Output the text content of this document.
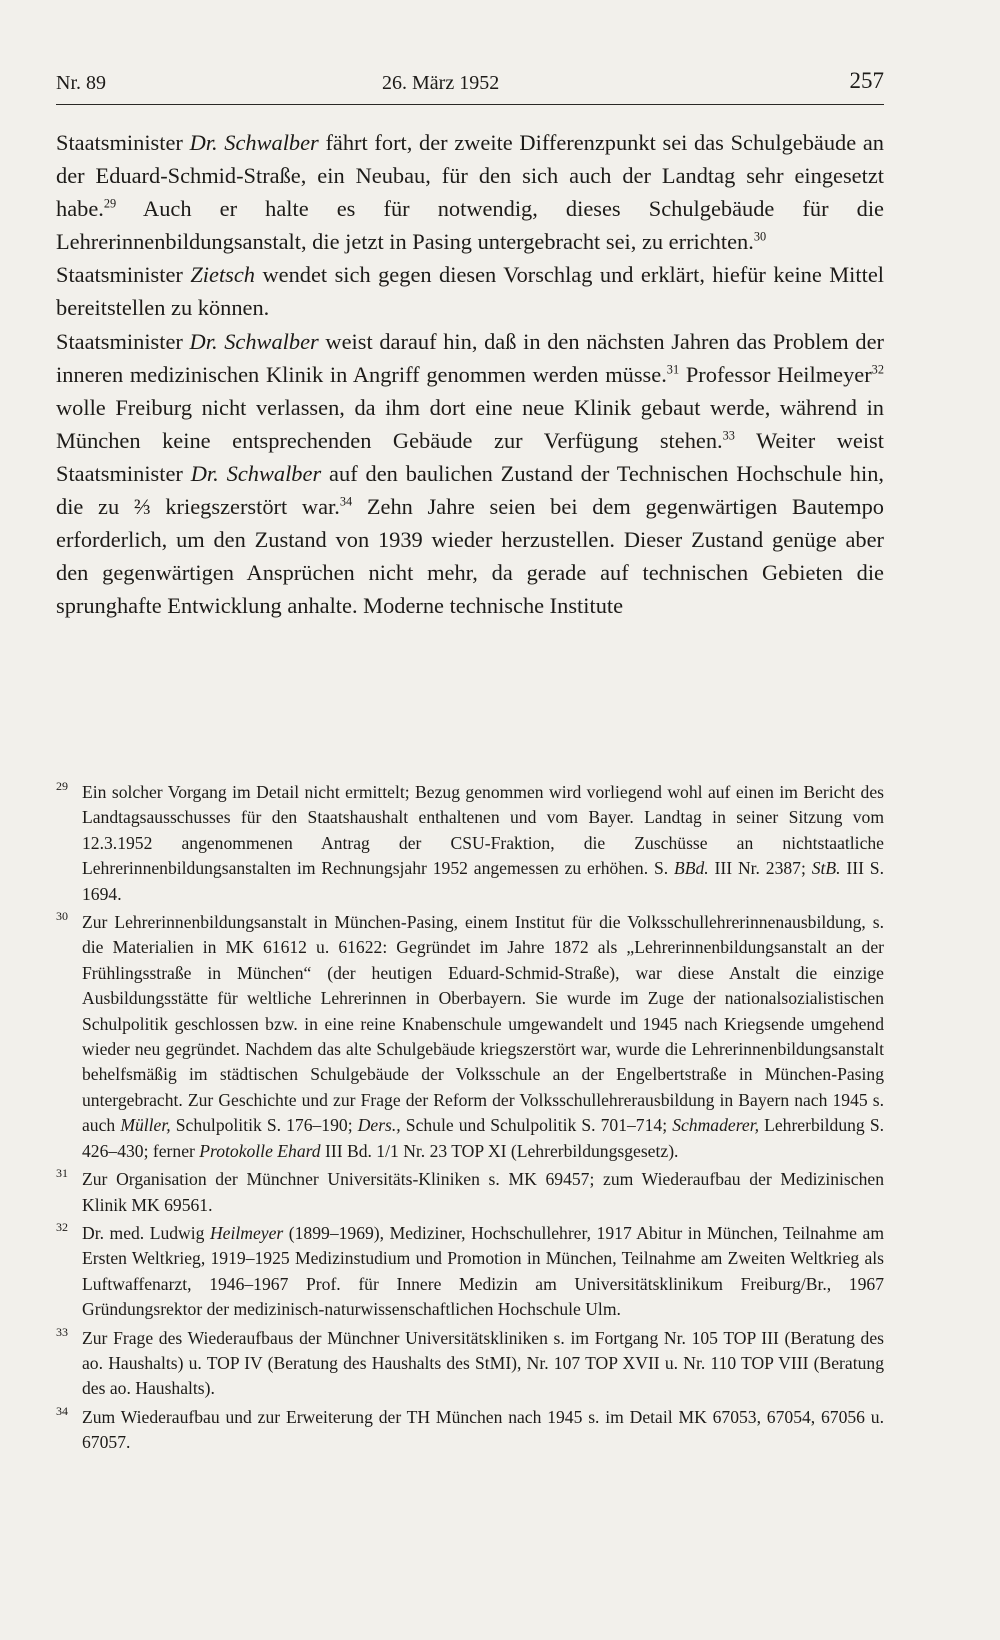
Nr. 89	26. März 1952	257

Staatsminister Dr. Schwalber fährt fort, der zweite Differenzpunkt sei das Schulgebäude an der Eduard-Schmid-Straße, ein Neubau, für den sich auch der Landtag sehr eingesetzt habe.$^{29}$ Auch er halte es für notwendig, dieses Schulgebäude für die Lehrerinnenbildungsanstalt, die jetzt in Pasing untergebracht sei, zu errichten.$^{30}$

Staatsminister Zietsch wendet sich gegen diesen Vorschlag und erklärt, hiefür keine Mittel bereitstellen zu können.

Staatsminister Dr. Schwalber weist darauf hin, daß in den nächsten Jahren das Problem der inneren medizinischen Klinik in Angriff genommen werden müsse.$^{31}$ Professor Heilmeyer$^{32}$ wolle Freiburg nicht verlassen, da ihm dort eine neue Klinik gebaut werde, während in München keine entsprechenden Gebäude zur Verfügung stehen.$^{33}$ Weiter weist Staatsminister Dr. Schwalber auf den baulichen Zustand der Technischen Hochschule hin, die zu ⅔ kriegszerstört war.$^{34}$ Zehn Jahre seien bei dem gegenwärtigen Bautempo erforderlich, um den Zustand von 1939 wieder herzustellen. Dieser Zustand genüge aber den gegenwärtigen Ansprüchen nicht mehr, da gerade auf technischen Gebieten die sprunghafte Entwicklung anhalte. Moderne technische Institute

29 Ein solcher Vorgang im Detail nicht ermittelt; Bezug genommen wird vorliegend wohl auf einen im Bericht des Landtagsausschusses für den Staatshaushalt enthaltenen und vom Bayer. Landtag in seiner Sitzung vom 12.3.1952 angenommenen Antrag der CSU-Fraktion, die Zuschüsse an nichtstaatliche Lehrerinnenbildungsanstalten im Rechnungsjahr 1952 angemessen zu erhöhen. S. BBd. III Nr. 2387; StB. III S. 1694.

30 Zur Lehrerinnenbildungsanstalt in München-Pasing, einem Institut für die Volksschullehrerinnenausbildung, s. die Materialien in MK 61612 u. 61622: Gegründet im Jahre 1872 als „Lehrerinnenbildungsanstalt an der Frühlingsstraße in München“ (der heutigen Eduard-Schmid-Straße), war diese Anstalt die einzige Ausbildungsstätte für weltliche Lehrerinnen in Oberbayern. Sie wurde im Zuge der nationalsozialistischen Schulpolitik geschlossen bzw. in eine reine Knabenschule umgewandelt und 1945 nach Kriegsende umgehend wieder neu gegründet. Nachdem das alte Schulgebäude kriegszerstört war, wurde die Lehrerinnenbildungsanstalt behelfsmäßig im städtischen Schulgebäude der Volksschule an der Engelbertstraße in München-Pasing untergebracht. Zur Geschichte und zur Frage der Reform der Volksschullehrerausbildung in Bayern nach 1945 s. auch Müller, Schulpolitik S. 176–190; Ders., Schule und Schulpolitik S. 701–714; Schmaderer, Lehrerbildung S. 426–430; ferner Protokolle Ehard III Bd. 1/1 Nr. 23 TOP XI (Lehrerbildungsgesetz).

31 Zur Organisation der Münchner Universitäts-Kliniken s. MK 69457; zum Wiederaufbau der Medizinischen Klinik MK 69561.

32 Dr. med. Ludwig Heilmeyer (1899–1969), Mediziner, Hochschullehrer, 1917 Abitur in München, Teilnahme am Ersten Weltkrieg, 1919–1925 Medizinstudium und Promotion in München, Teilnahme am Zweiten Weltkrieg als Luftwaffenarzt, 1946–1967 Prof. für Innere Medizin am Universitätsklinikum Freiburg/Br., 1967 Gründungsrektor der medizinisch-naturwissenschaftlichen Hochschule Ulm.

33 Zur Frage des Wiederaufbaus der Münchner Universitätskliniken s. im Fortgang Nr. 105 TOP III (Beratung des ao. Haushalts) u. TOP IV (Beratung des Haushalts des StMI), Nr. 107 TOP XVII u. Nr. 110 TOP VIII (Beratung des ao. Haushalts).

34 Zum Wiederaufbau und zur Erweiterung der TH München nach 1945 s. im Detail MK 67053, 67054, 67056 u. 67057.
